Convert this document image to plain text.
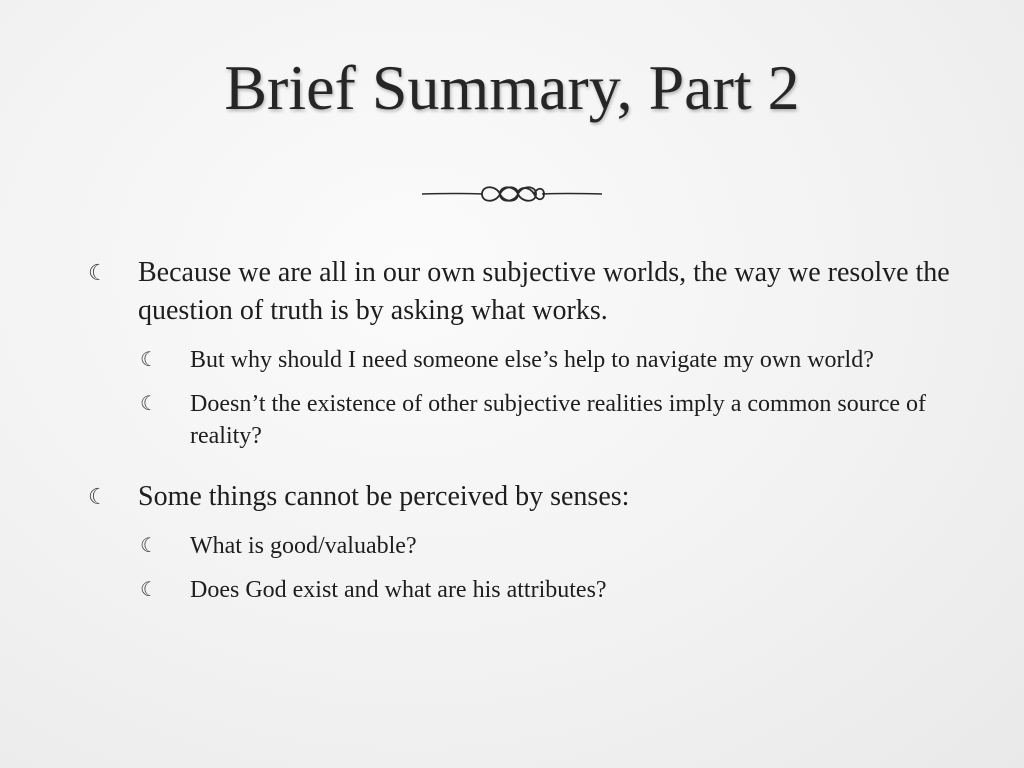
Brief Summary, Part 2
☾ Because we are all in our own subjective worlds, the way we resolve the question of truth is by asking what works.
☾ But why should I need someone else’s help to navigate my own world?
☾ Doesn’t the existence of other subjective realities imply a common source of reality?
☾ Some things cannot be perceived by senses:
☾ What is good/valuable?
☾ Does God exist and what are his attributes?
